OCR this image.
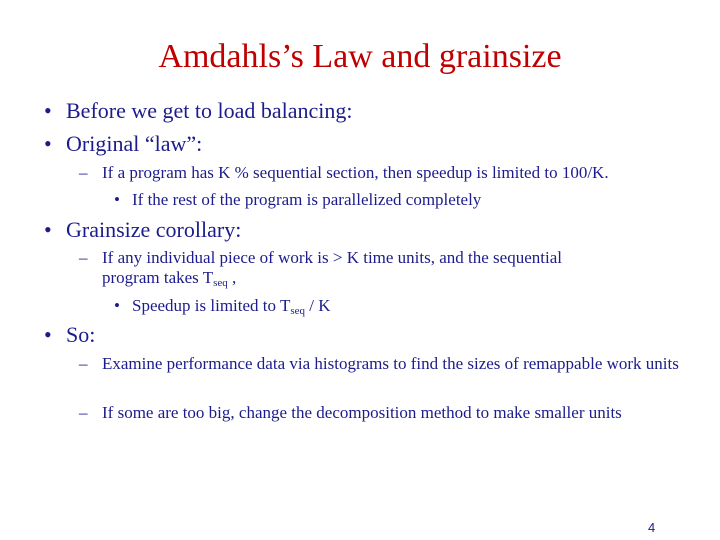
Amdahls’s Law and grainsize
• Before we get to load balancing:
• Original “law”:
– If a program has K % sequential section, then speedup is limited to 100/K.
• If the rest of the program is parallelized completely
• Grainsize corollary:
– If any individual piece of work is > K time units, and the sequential
program takes $T_{seq}$ ,
• Speedup is limited to $T_{seq}$ / K
• So:
– Examine performance data via histograms to find the sizes of remappable work units
– If some are too big, change the decomposition method to make smaller units
4
